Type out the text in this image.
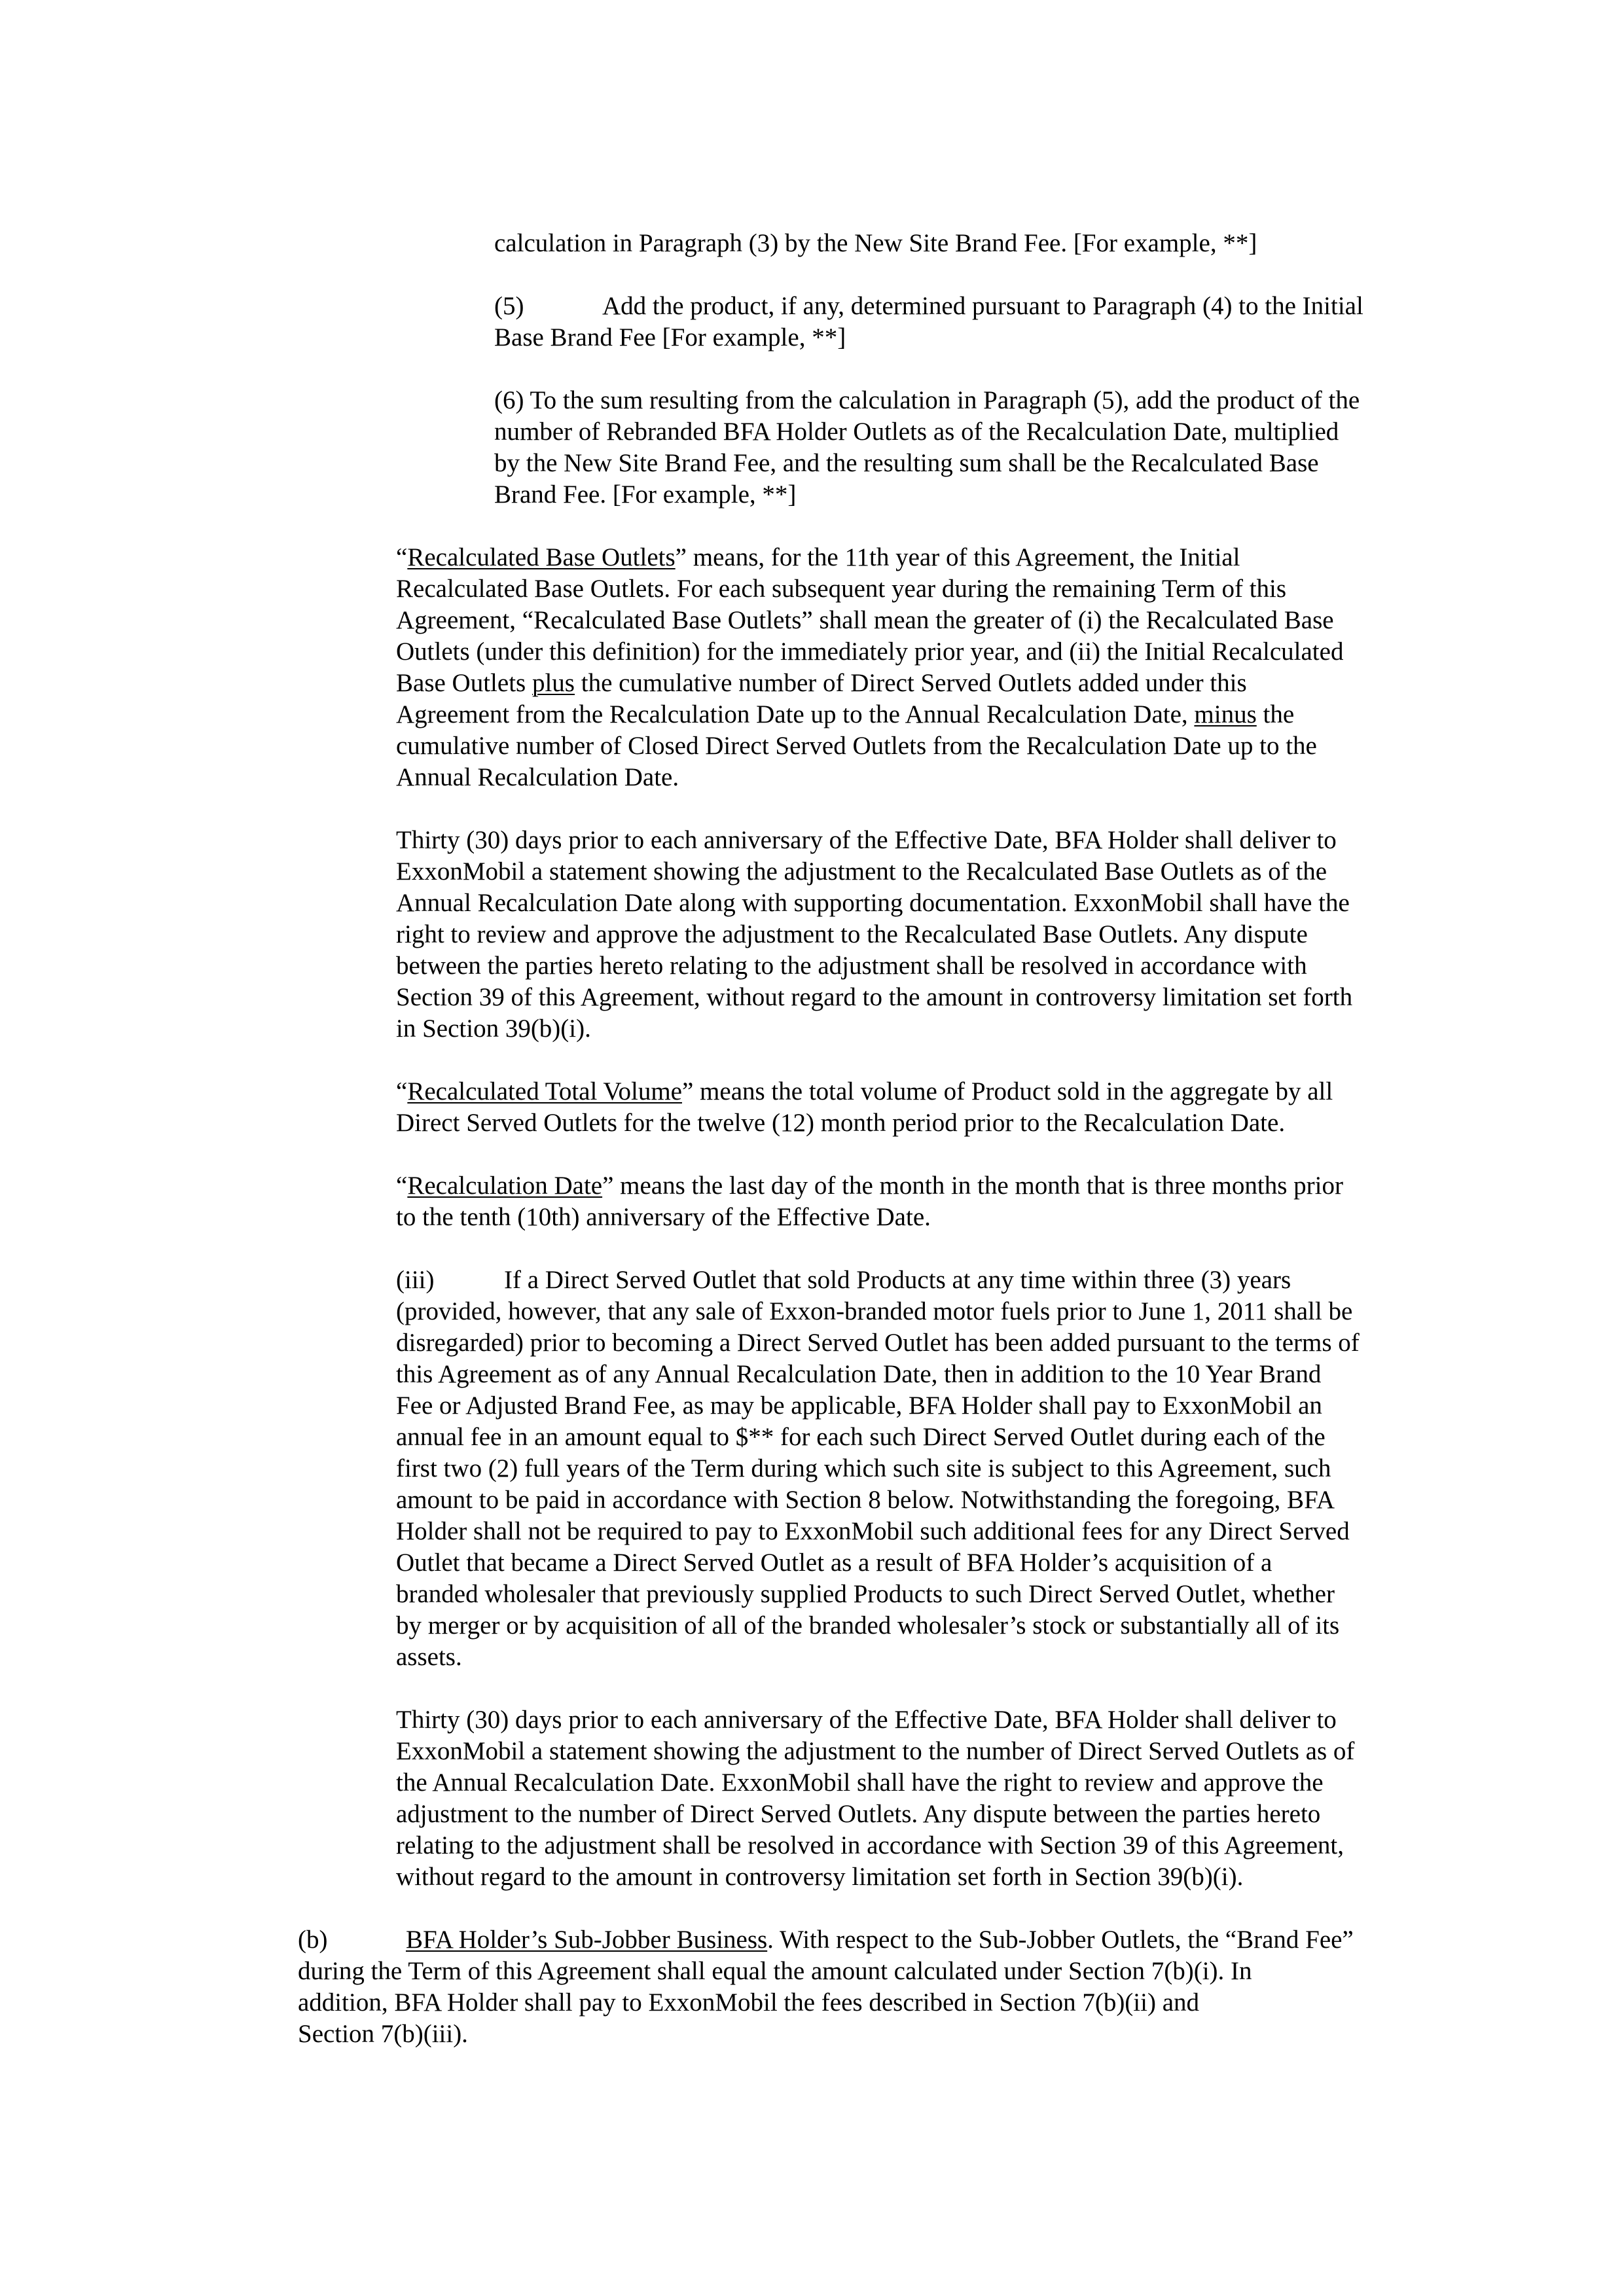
calculation in Paragraph (3) by the New Site Brand Fee. [For example, **]
(5)	Add the product, if any, determined pursuant to Paragraph (4) to the Initial
Base Brand Fee [For example, **]
(6) To the sum resulting from the calculation in Paragraph (5), add the product of the
number of Rebranded BFA Holder Outlets as of the Recalculation Date, multiplied
by the New Site Brand Fee, and the resulting sum shall be the Recalculated Base
Brand Fee. [For example, **]
“Recalculated Base Outlets” means, for the 11th year of this Agreement, the Initial
Recalculated Base Outlets. For each subsequent year during the remaining Term of this
Agreement, “Recalculated Base Outlets” shall mean the greater of (i) the Recalculated Base
Outlets (under this definition) for the immediately prior year, and (ii) the Initial Recalculated
Base Outlets plus the cumulative number of Direct Served Outlets added under this
Agreement from the Recalculation Date up to the Annual Recalculation Date, minus the
cumulative number of Closed Direct Served Outlets from the Recalculation Date up to the
Annual Recalculation Date.
Thirty (30) days prior to each anniversary of the Effective Date, BFA Holder shall deliver to
ExxonMobil a statement showing the adjustment to the Recalculated Base Outlets as of the
Annual Recalculation Date along with supporting documentation. ExxonMobil shall have the
right to review and approve the adjustment to the Recalculated Base Outlets. Any dispute
between the parties hereto relating to the adjustment shall be resolved in accordance with
Section 39 of this Agreement, without regard to the amount in controversy limitation set forth
in Section 39(b)(i).
“Recalculated Total Volume” means the total volume of Product sold in the aggregate by all
Direct Served Outlets for the twelve (12) month period prior to the Recalculation Date.
“Recalculation Date” means the last day of the month in the month that is three months prior
to the tenth (10th) anniversary of the Effective Date.
(iii)	If a Direct Served Outlet that sold Products at any time within three (3) years
(provided, however, that any sale of Exxon-branded motor fuels prior to June 1, 2011 shall be
disregarded) prior to becoming a Direct Served Outlet has been added pursuant to the terms of
this Agreement as of any Annual Recalculation Date, then in addition to the 10 Year Brand
Fee or Adjusted Brand Fee, as may be applicable, BFA Holder shall pay to ExxonMobil an
annual fee in an amount equal to $** for each such Direct Served Outlet during each of the
first two (2) full years of the Term during which such site is subject to this Agreement, such
amount to be paid in accordance with Section 8 below. Notwithstanding the foregoing, BFA
Holder shall not be required to pay to ExxonMobil such additional fees for any Direct Served
Outlet that became a Direct Served Outlet as a result of BFA Holder’s acquisition of a
branded wholesaler that previously supplied Products to such Direct Served Outlet, whether
by merger or by acquisition of all of the branded wholesaler’s stock or substantially all of its
assets.
Thirty (30) days prior to each anniversary of the Effective Date, BFA Holder shall deliver to
ExxonMobil a statement showing the adjustment to the number of Direct Served Outlets as of
the Annual Recalculation Date. ExxonMobil shall have the right to review and approve the
adjustment to the number of Direct Served Outlets. Any dispute between the parties hereto
relating to the adjustment shall be resolved in accordance with Section 39 of this Agreement,
without regard to the amount in controversy limitation set forth in Section 39(b)(i).
(b)	BFA Holder’s Sub-Jobber Business. With respect to the Sub-Jobber Outlets, the “Brand Fee”
during the Term of this Agreement shall equal the amount calculated under Section 7(b)(i). In
addition, BFA Holder shall pay to ExxonMobil the fees described in Section 7(b)(ii) and
Section 7(b)(iii).
